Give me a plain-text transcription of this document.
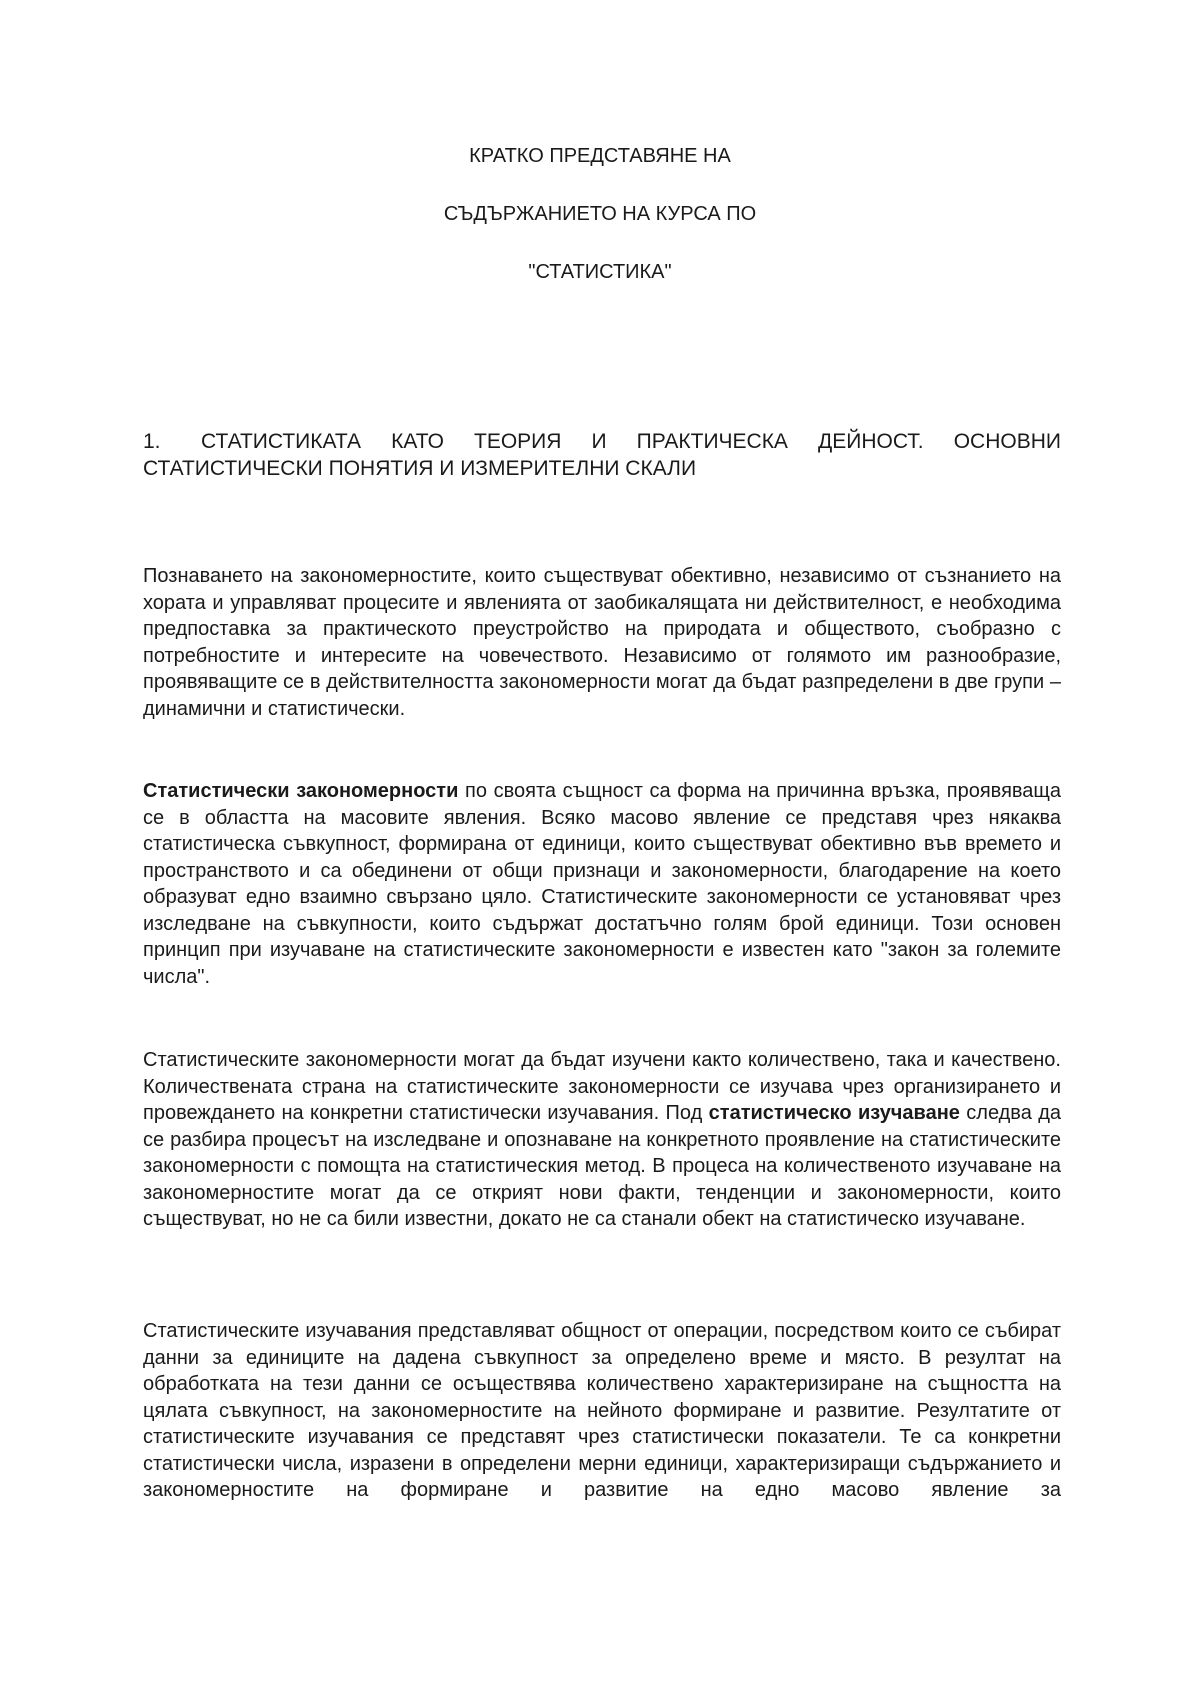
КРАТКО ПРЕДСТАВЯНЕ НА
СЪДЪРЖАНИЕТО НА КУРСА ПО
"СТАТИСТИКА"
1. СТАТИСТИКАТА КАТО ТЕОРИЯ И ПРАКТИЧЕСКА ДЕЙНОСТ. ОСНОВНИ СТАТИСТИЧЕСКИ ПОНЯТИЯ И ИЗМЕРИТЕЛНИ СКАЛИ

Познаването на закономерностите, които съществуват обективно, независимо от съзнанието на хората и управляват процесите и явленията от заобикалящата ни действителност, е необходима предпоставка за практическото преустройство на природата и обществото, съобразно с потребностите и интересите на човечеството. Независимо от голямото им разнообразие, проявяващите се в действителността закономерности могат да бъдат разпределени в две групи – динамични и статистически.

Статистически закономерности по своята същност са форма на причинна връзка, проявяваща се в областта на масовите явления. Всяко масово явление се представя чрез някаква статистическа съвкупност, формирана от единици, които съществуват обективно във времето и пространството и са обединени от общи признаци и закономерности, благодарение на което образуват едно взаимно свързано цяло. Статистическите закономерности се установяват чрез изследване на съвкупности, които съдържат достатъчно голям брой единици. Този основен принцип при изучаване на статистическите закономерности е известен като "закон за големите числа".

Статистическите закономерности могат да бъдат изучени както количествено, така и качествено. Количествената страна на статистическите закономерности се изучава чрез организирането и провеждането на конкретни статистически изучавания. Под статистическо изучаване следва да се разбира процесът на изследване и опознаване на конкретното проявление на статистическите закономерности с помощта на статистическия метод. В процеса на количественото изучаване на закономерностите могат да се открият нови факти, тенденции и закономерности, които съществуват, но не са били известни, докато не са станали обект на статистическо изучаване.

Статистическите изучавания представляват общност от операции, посредством които се събират данни за единиците на дадена съвкупност за определено време и място. В резултат на обработката на тези данни се осъществява количествено характеризиране на същността на цялата съвкупност, на закономерностите на нейното формиране и развитие. Резултатите от статистическите изучавания се представят чрез статистически показатели. Те са конкретни статистически числа, изразени в определени мерни единици, характеризиращи съдържанието и закономерностите на формиране и развитие на едно масово явление за
